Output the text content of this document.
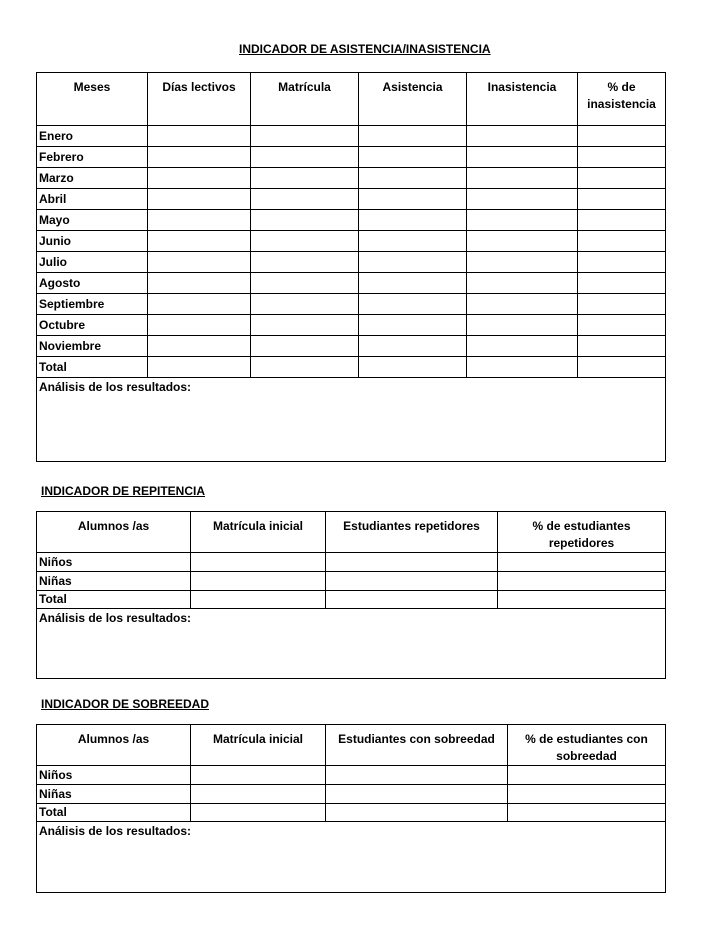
INDICADOR DE ASISTENCIA/INASISTENCIA
Meses	Días lectivos	Matrícula	Asistencia	Inasistencia	% de inasistencia
Enero					
Febrero					
Marzo					
Abril					
Mayo					
Junio					
Julio					
Agosto					
Septiembre					
Octubre					
Noviembre					
Total					
Análisis de los resultados:					
INDICADOR DE REPITENCIA
Alumnos /as	Matrícula inicial	Estudiantes repetidores	% de estudiantes repetidores
Niños			
Niñas			
Total			
Análisis de los resultados:			
INDICADOR DE SOBREEDAD
Alumnos /as	Matrícula inicial	Estudiantes con sobreedad	% de estudiantes con sobreedad
Niños			
Niñas			
Total			
Análisis de los resultados:			
